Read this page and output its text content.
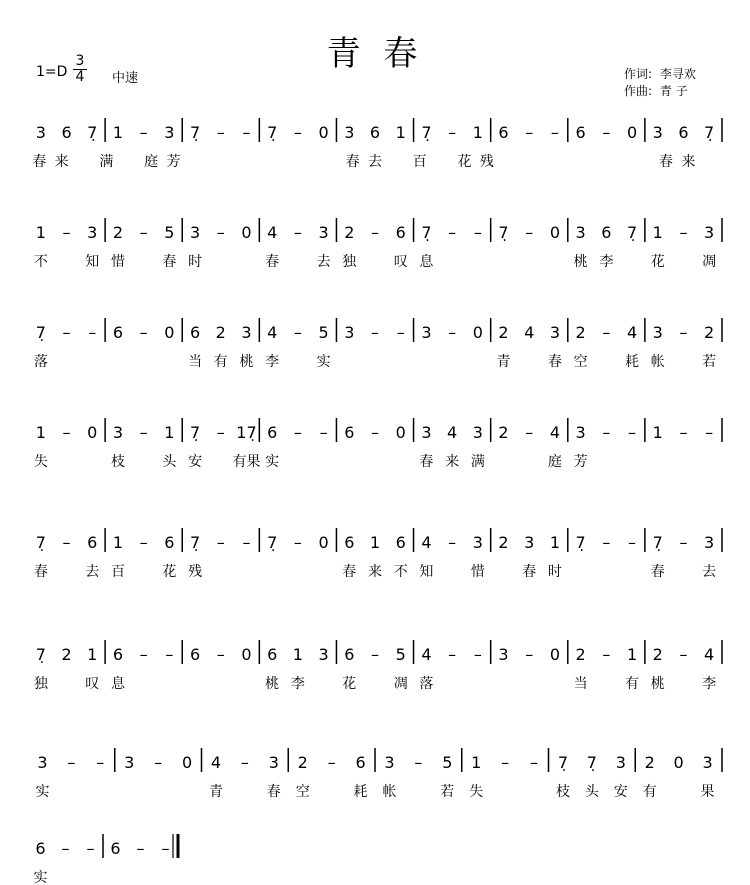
青 春
1=D
3
4 中速	作词: 李寻欢
作曲: 青 子
3 6 7̣ 1 – 3 7̣ – – 7̣ – 0 3 6 1 7̣ – 1 6 – – 6 – 0 3 6 7̣
春 来 满 庭 芳	春 去 百 花 残	春 来
1 – 3 2 – 5 3 – 0 4 – 3 2 – 6 7̣ – – 7̣ – 0 3 6 7̣ 1 – 3
不	知 惜	春 时	春	去 独	叹 息	桃 李	花	凋
7̣ – – 6 – 0 6 2 3 4 – 5 3 – – 3 – 0 2 4 3 2 – 4 3 – 2
落	当 有 桃 李	实	青	春 空	耗 帐	若
1 – 0 3 – 1 7̣ – 17̣ 6 – – 6 – 0 3 4 3 2 – 4 3 – – 1 – –
失	枝	头 安 有果 实	春 来 满	庭 芳
7̣ – 6 1 – 6 7̣ – – 7̣ – 0 6 1 6 4 – 3 2 3 1 7̣ – – 7̣ – 3
春	去 百	花 残	春 来 不 知	惜	春 时	春	去
7̣ 2 1 6 – – 6 – 0 6 1 3 6 – 5 4 – – 3 – 0 2 – 1 2 – 4
独	叹 息	桃 李	花	凋 落	当	有 桃	李
3 – – 3 – 0 4 – 3 2 – 6 3 – 5 1 – – 7̣ 7̣ 3 2 0 3
实	青	春 空	耗 帐	若 失	枝 头 安 有	果
6 – – 6 – –
实
